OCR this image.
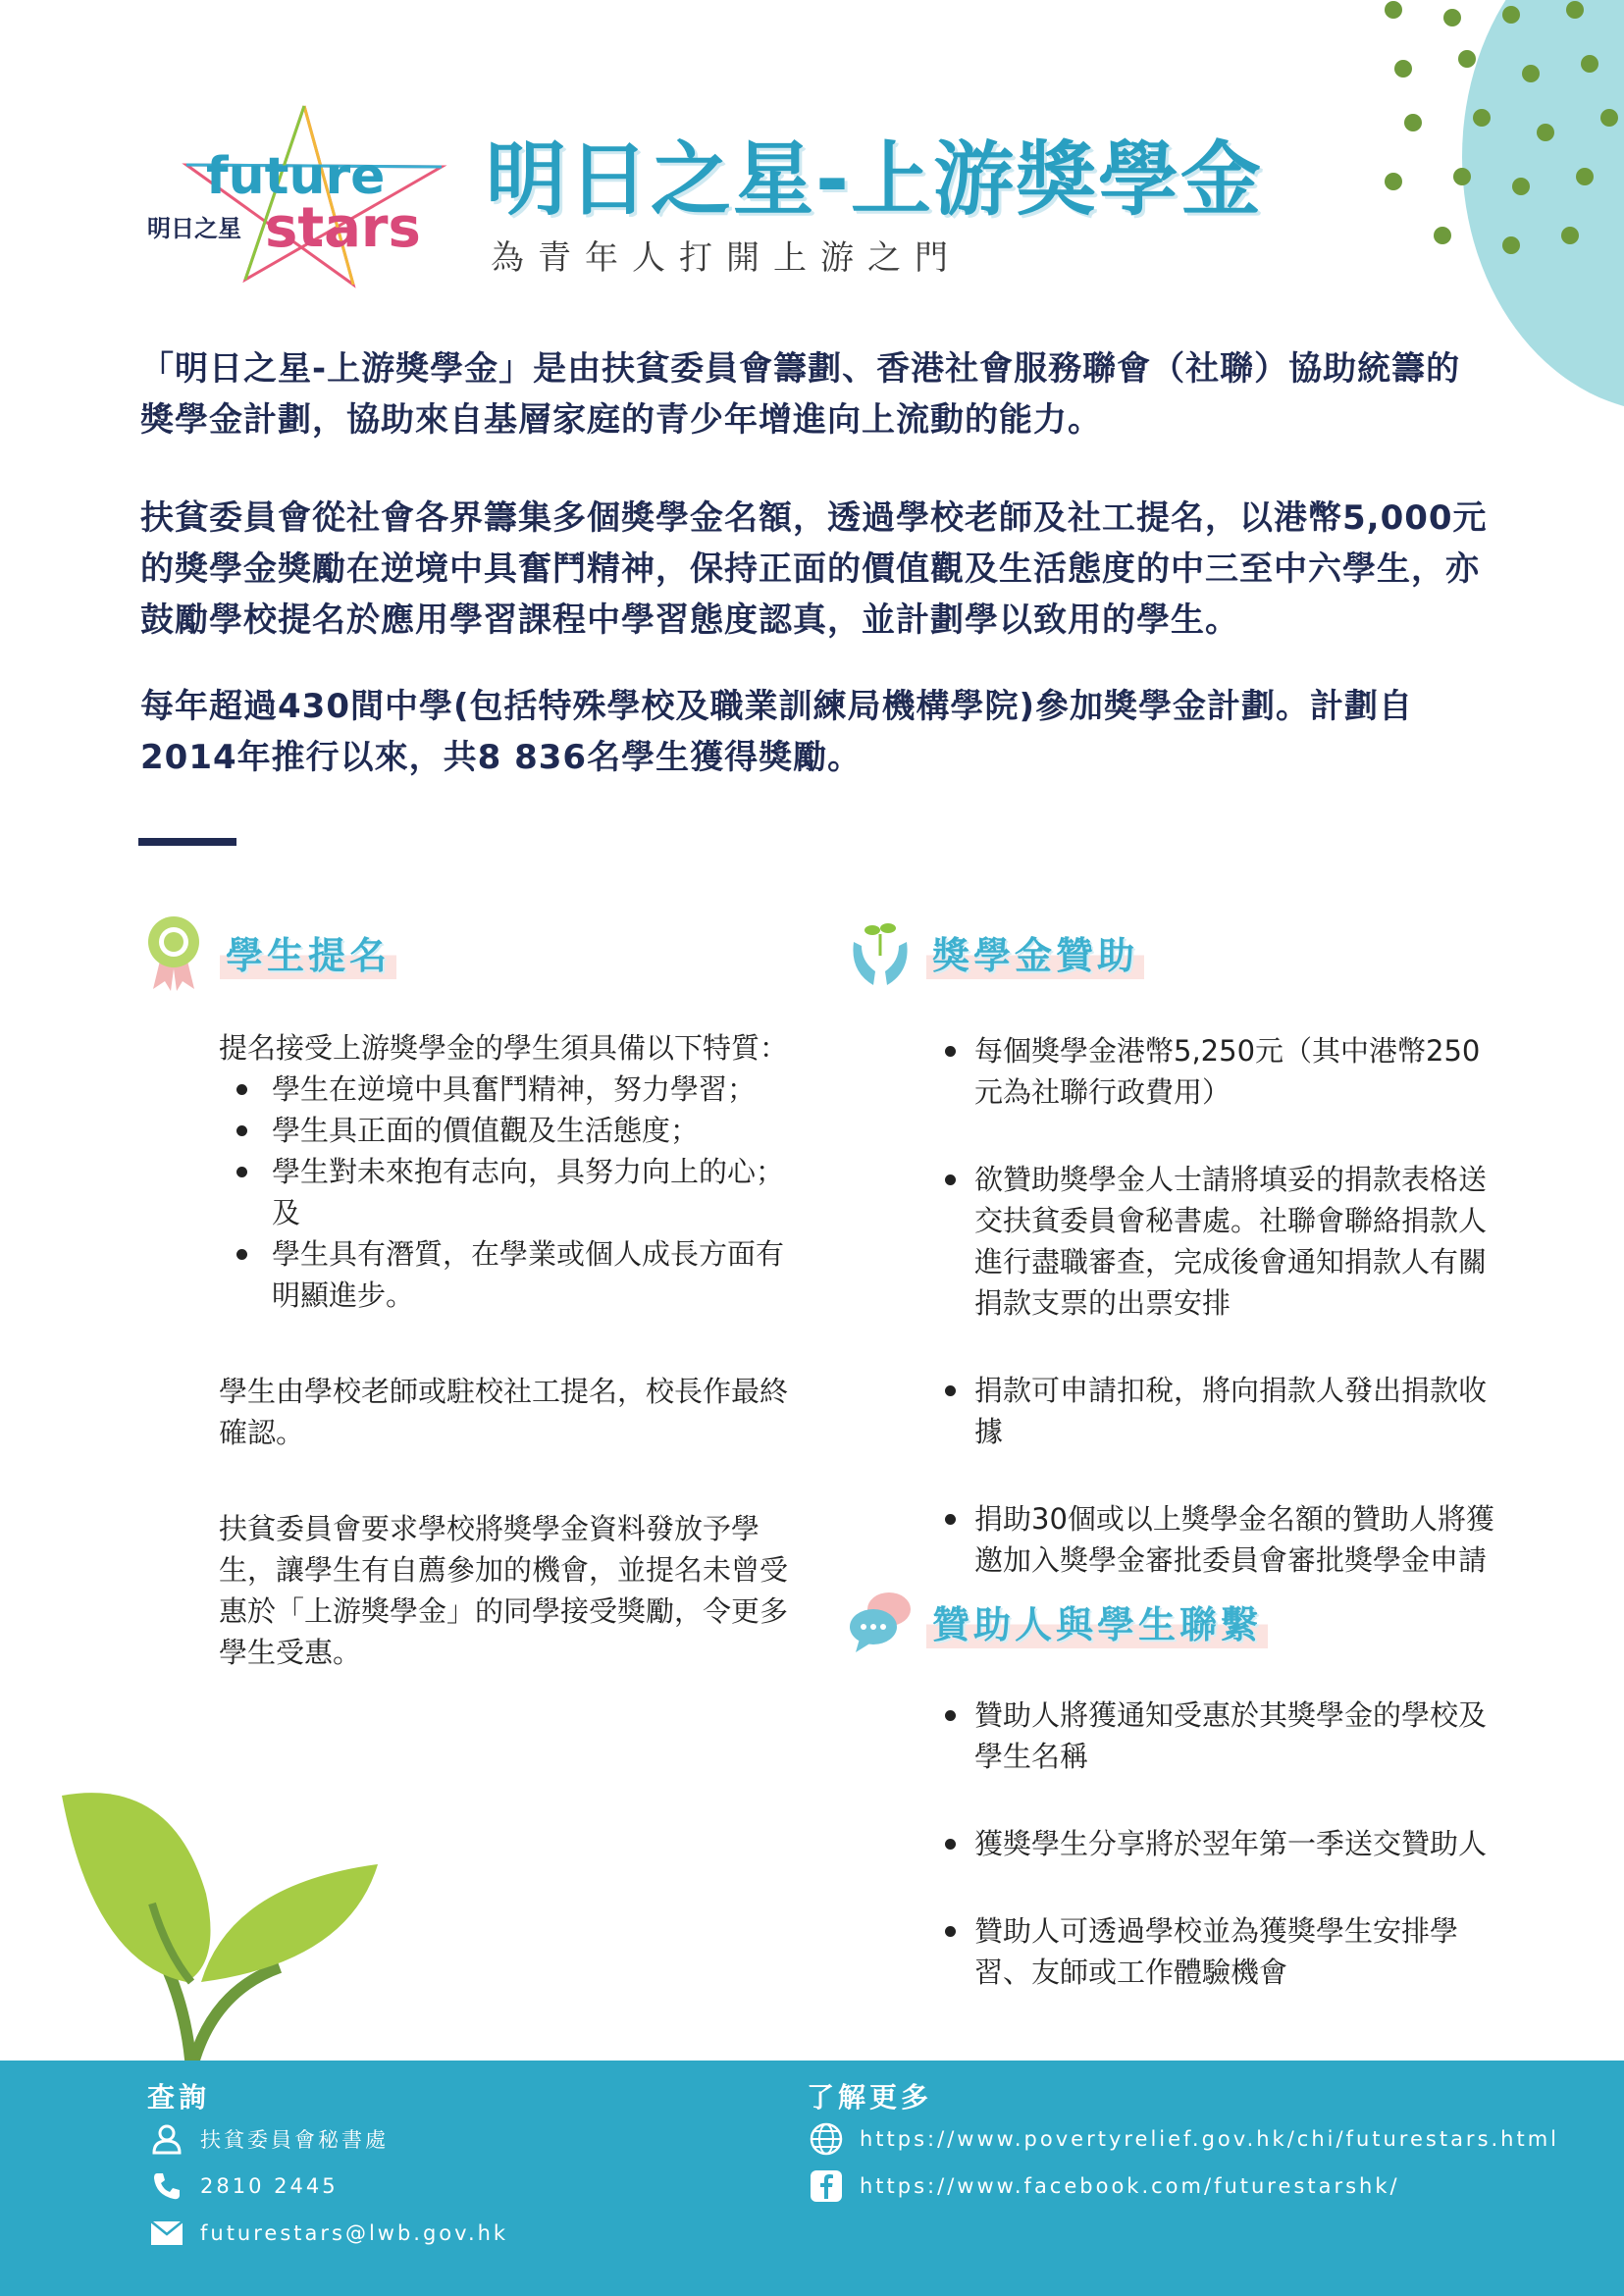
future
明日之星 stars
明日之星-上游獎學金
為青年人打開上游之門

「明日之星-上游獎學金」是由扶貧委員會籌劃、香港社會服務聯會（社聯）協助統籌的獎學金計劃，協助來自基層家庭的青少年增進向上流動的能力。

扶貧委員會從社會各界籌集多個獎學金名額，透過學校老師及社工提名，以港幣5,000元的獎學金獎勵在逆境中具奮鬥精神，保持正面的價值觀及生活態度的中三至中六學生，亦鼓勵學校提名於應用學習課程中學習態度認真，並計劃學以致用的學生。

每年超過430間中學(包括特殊學校及職業訓練局機構學院)參加獎學金計劃。計劃自2014年推行以來，共8 836名學生獲得獎勵。

學生提名

提名接受上游獎學金的學生須具備以下特質：

學生在逆境中具奮鬥精神，努力學習；
學生具正面的價值觀及生活態度；
學生對未來抱有志向，具努力向上的心；及
學生具有潛質，在學業或個人成長方面有明顯進步。

學生由學校老師或駐校社工提名，校長作最終確認。

扶貧委員會要求學校將獎學金資料發放予學生，讓學生有自薦參加的機會，並提名未曾受惠於「上游獎學金」的同學接受獎勵，令更多學生受惠。

獎學金贊助
每個獎學金港幣5,250元（其中港幣250元為社聯行政費用）
欲贊助獎學金人士請將填妥的捐款表格送交扶貧委員會秘書處。社聯會聯絡捐款人進行盡職審查，完成後會通知捐款人有關捐款支票的出票安排
捐款可申請扣稅，將向捐款人發出捐款收據
捐助30個或以上獎學金名額的贊助人將獲邀加入獎學金審批委員會審批獎學金申請
贊助人與學生聯繫
贊助人將獲通知受惠於其獎學金的學校及學生名稱
獲獎學生分享將於翌年第一季送交贊助人
贊助人可透過學校並為獲獎學生安排學習、友師或工作體驗機會
查詢	了解更多
扶貧委員會秘書處
2810 2445
futurestars@lwb.gov.hk
https://www.povertyrelief.gov.hk/chi/futurestars.html
https://www.facebook.com/futurestarshk/
